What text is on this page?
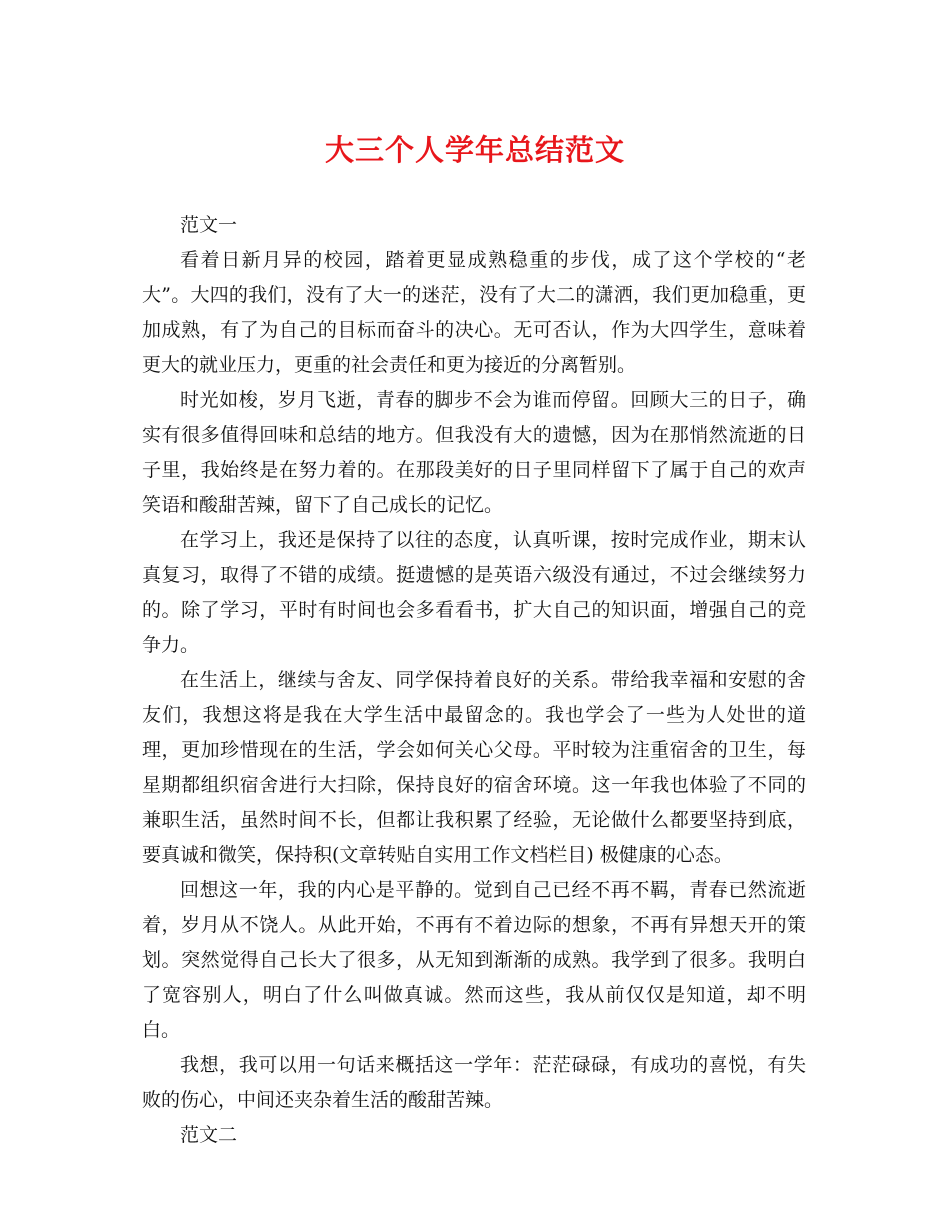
大三个人学年总结范文

范文一

看着日新月异的校园，踏着更显成熟稳重的步伐，成了这个学校的“老大”。大四的我们，没有了大一的迷茫，没有了大二的潇洒，我们更加稳重，更加成熟，有了为自己的目标而奋斗的决心。无可否认，作为大四学生，意味着更大的就业压力，更重的社会责任和更为接近的分离暂别。

时光如梭，岁月飞逝，青春的脚步不会为谁而停留。回顾大三的日子，确实有很多值得回味和总结的地方。但我没有大的遗憾，因为在那悄然流逝的日子里，我始终是在努力着的。在那段美好的日子里同样留下了属于自己的欢声笑语和酸甜苦辣，留下了自己成长的记忆。

在学习上，我还是保持了以往的态度，认真听课，按时完成作业，期末认真复习，取得了不错的成绩。挺遗憾的是英语六级没有通过，不过会继续努力的。除了学习，平时有时间也会多看看书，扩大自己的知识面，增强自己的竞争力。

在生活上，继续与舍友、同学保持着良好的关系。带给我幸福和安慰的舍友们，我想这将是我在大学生活中最留念的。我也学会了一些为人处世的道理，更加珍惜现在的生活，学会如何关心父母。平时较为注重宿舍的卫生，每星期都组织宿舍进行大扫除，保持良好的宿舍环境。这一年我也体验了不同的兼职生活，虽然时间不长，但都让我积累了经验，无论做什么都要坚持到底，要真诚和微笑，保持积(文章转贴自实用工作文档栏目) 极健康的心态。

回想这一年，我的内心是平静的。觉到自己已经不再不羁，青春已然流逝着，岁月从不饶人。从此开始，不再有不着边际的想象，不再有异想天开的策划。突然觉得自己长大了很多，从无知到渐渐的成熟。我学到了很多。我明白了宽容别人，明白了什么叫做真诚。然而这些，我从前仅仅是知道，却不明白。

我想，我可以用一句话来概括这一学年：茫茫碌碌，有成功的喜悦，有失败的伤心，中间还夹杂着生活的酸甜苦辣。

范文二
